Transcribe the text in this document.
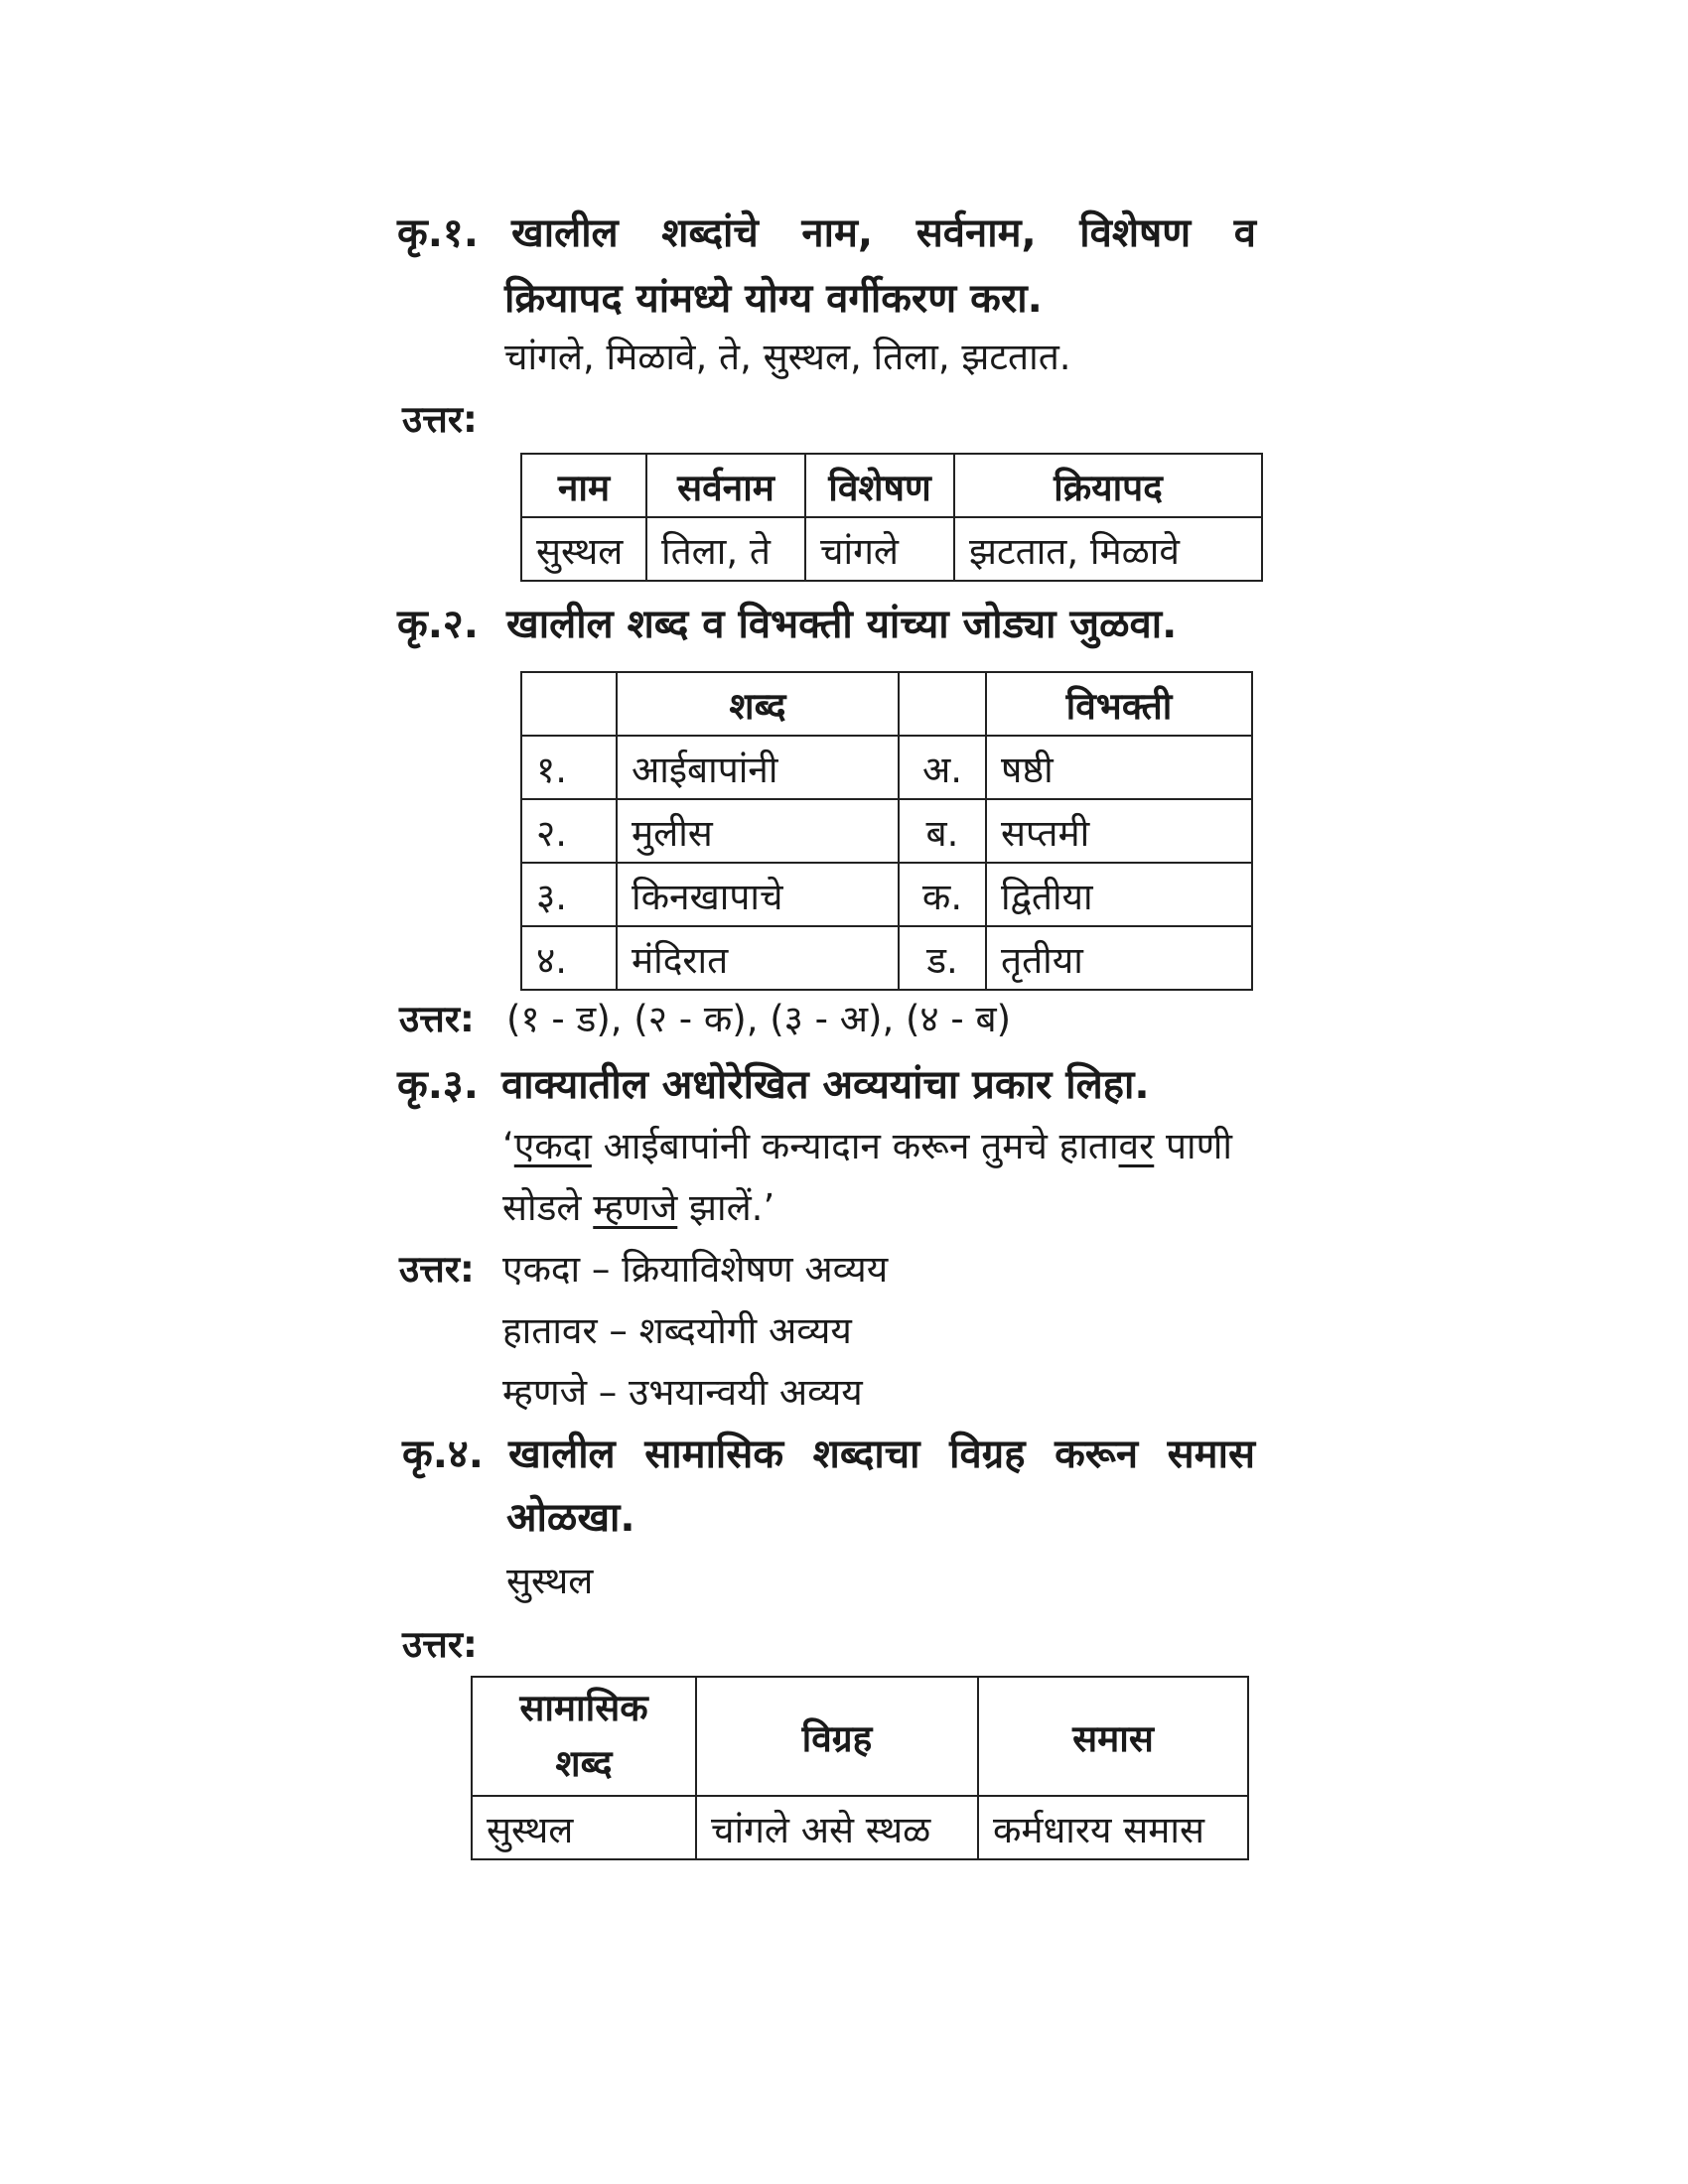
कृ.१. खालील शब्दांचे नाम, सर्वनाम, विशेषण व
क्रियापद यांमध्ये योग्य वर्गीकरण करा.
चांगले, मिळावे, ते, सुस्थल, तिला, झटतात.
उत्तर:
नाम	सर्वनाम	विशेषण	क्रियापद
सुस्थल	तिला, ते	चांगले	झटतात, मिळावे
कृ.२. खालील शब्द व विभक्ती यांच्या जोड्या जुळवा.
	शब्द		विभक्ती
१.	आईबापांनी	अ.	षष्ठी
२.	मुलीस	ब.	सप्तमी
३.	किनखापाचे	क.	द्वितीया
४.	मंदिरात	ड.	तृतीया
उत्तर: (१ - ड), (२ - क), (३ - अ), (४ - ब)
कृ.३. वाक्यातील अधोरेखित अव्ययांचा प्रकार लिहा.
‘एकदा आईबापांनी कन्यादान करून तुमचे हातावर पाणी
सोडले म्हणजे झालें.’
उत्तर: एकदा – क्रियाविशेषण अव्यय
हातावर – शब्दयोगी अव्यय
म्हणजे – उभयान्वयी अव्यय
कृ.४. खालील सामासिक शब्दाचा विग्रह करून समास
ओळखा.
सुस्थल
उत्तर:
सामासिक
शब्द	विग्रह	समास
सुस्थल	चांगले असे स्थळ	कर्मधारय समास
